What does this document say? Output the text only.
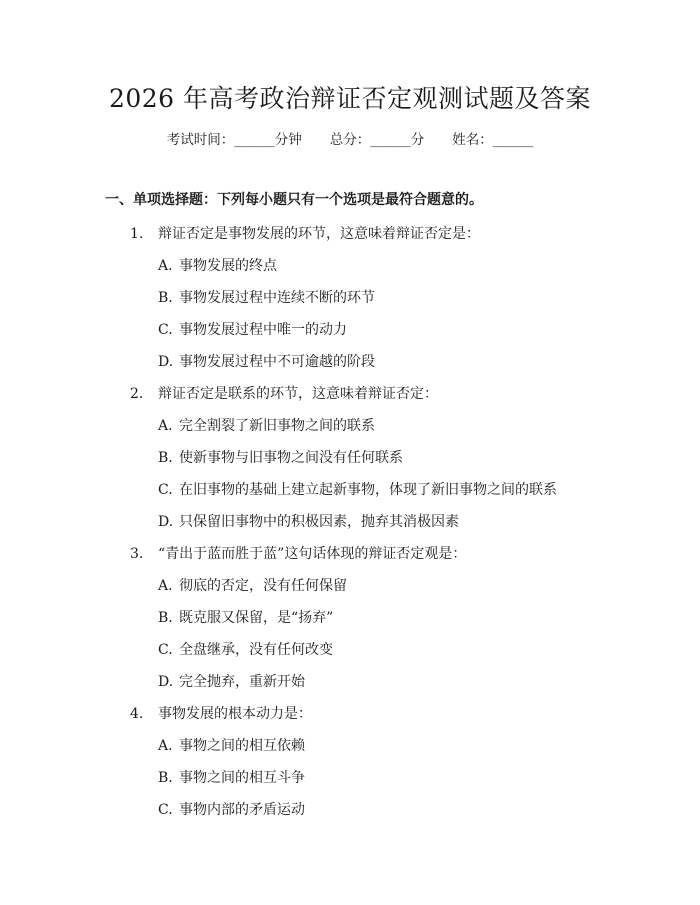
2026 年高考政治辩证否定观测试题及答案
考试时间：______分钟 总分：______分 姓名：______
一、单项选择题：下列每小题只有一个选项是最符合题意的。
1.	辩证否定是事物发展的环节，这意味着辩证否定是：
A. 事物发展的终点
B. 事物发展过程中连续不断的环节
C. 事物发展过程中唯一的动力
D. 事物发展过程中不可逾越的阶段
2.	辩证否定是联系的环节，这意味着辩证否定：
A. 完全割裂了新旧事物之间的联系
B. 使新事物与旧事物之间没有任何联系
C. 在旧事物的基础上建立起新事物，体现了新旧事物之间的联系
D. 只保留旧事物中的积极因素，抛弃其消极因素
3.	“青出于蓝而胜于蓝”这句话体现的辩证否定观是：
A. 彻底的否定，没有任何保留
B. 既克服又保留，是“扬弃”
C. 全盘继承，没有任何改变
D. 完全抛弃，重新开始
4.	事物发展的根本动力是：
A. 事物之间的相互依赖
B. 事物之间的相互斗争
C. 事物内部的矛盾运动
